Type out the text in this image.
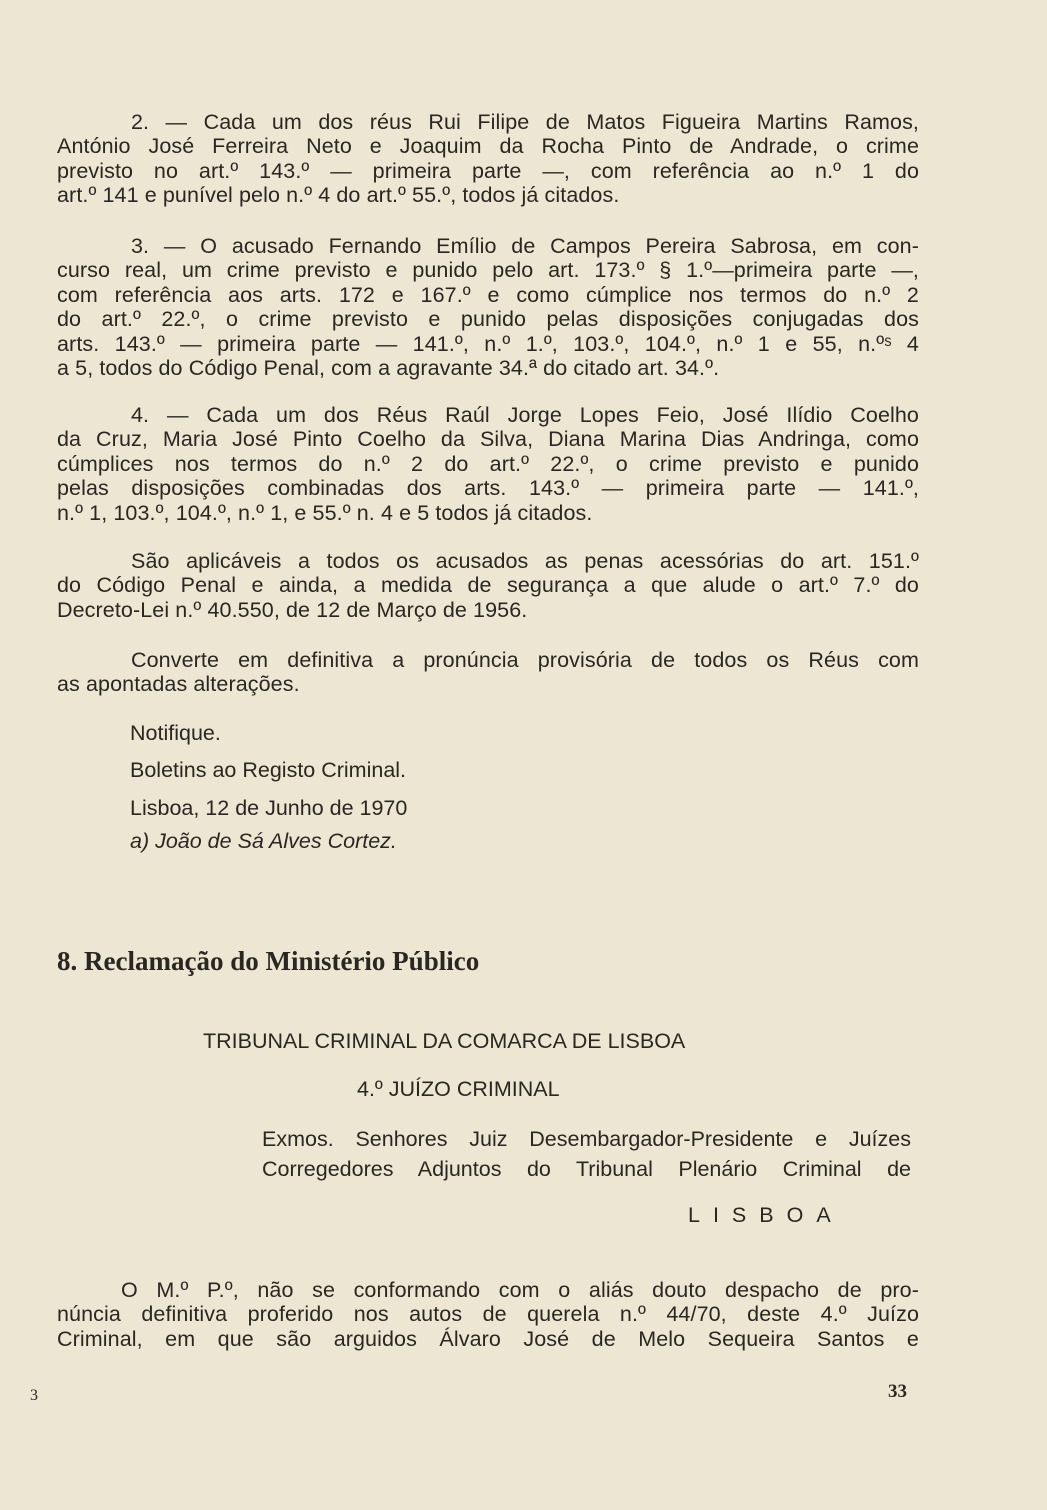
2. — Cada um dos réus Rui Filipe de Matos Figueira Martins Ramos,
António José Ferreira Neto e Joaquim da Rocha Pinto de Andrade, o crime
previsto no art.º 143.º — primeira parte —, com referência ao n.º 1 do
art.º 141 e punível pelo n.º 4 do art.º 55.º, todos já citados.
3. — O acusado Fernando Emílio de Campos Pereira Sabrosa, em con-
curso real, um crime previsto e punido pelo art. 173.º § 1.º—primeira parte —,
com referência aos arts. 172 e 167.º e como cúmplice nos termos do n.º 2
do art.º 22.º, o crime previsto e punido pelas disposições conjugadas dos
arts. 143.º — primeira parte — 141.º, n.º 1.º, 103.º, 104.º, n.º 1 e 55, n.ºˢ 4
a 5, todos do Código Penal, com a agravante 34.ª do citado art. 34.º.
4. — Cada um dos Réus Raúl Jorge Lopes Feio, José Ilídio Coelho
da Cruz, Maria José Pinto Coelho da Silva, Diana Marina Dias Andringa, como
cúmplices nos termos do n.º 2 do art.º 22.º, o crime previsto e punido
pelas disposições combinadas dos arts. 143.º — primeira parte — 141.º,
n.º 1, 103.º, 104.º, n.º 1, e 55.º n. 4 e 5 todos já citados.
São aplicáveis a todos os acusados as penas acessórias do art. 151.º
do Código Penal e ainda, a medida de segurança a que alude o art.º 7.º do
Decreto-Lei n.º 40.550, de 12 de Março de 1956.
Converte em definitiva a pronúncia provisória de todos os Réus com
as apontadas alterações.
Notifique.
Boletins ao Registo Criminal.
Lisboa, 12 de Junho de 1970
a) João de Sá Alves Cortez.
8. Reclamação do Ministério Público
TRIBUNAL CRIMINAL DA COMARCA DE LISBOA
4.º JUÍZO CRIMINAL
Exmos. Senhores Juiz Desembargador-Presidente e Juízes
Corregedores Adjuntos do Tribunal Plenário Criminal de
LISBOA
O M.º P.º, não se conformando com o aliás douto despacho de pro-
núncia definitiva proferido nos autos de querela n.º 44/70, deste 4.º Juízo
Criminal, em que são arguidos Álvaro José de Melo Sequeira Santos e
3	33
